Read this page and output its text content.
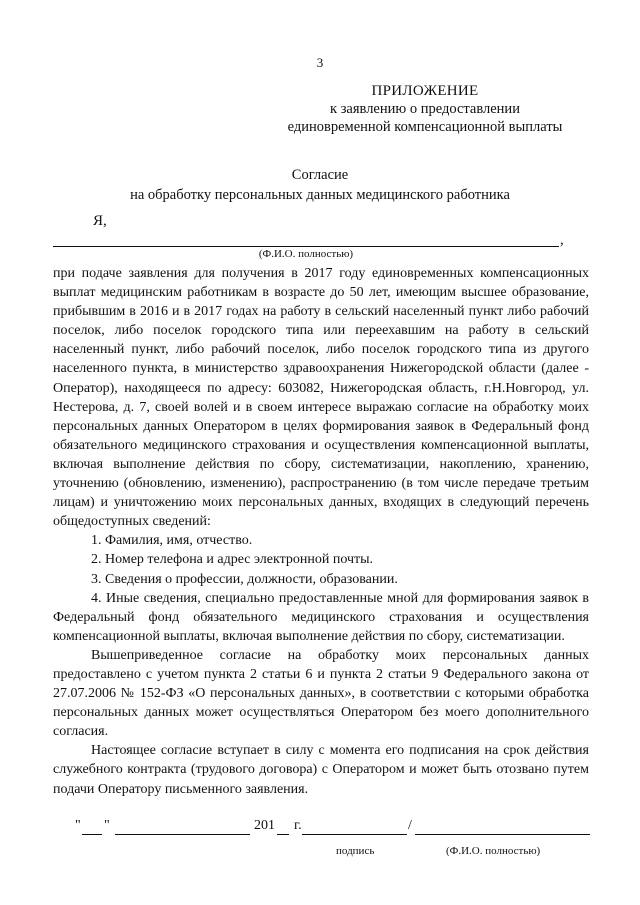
3
ПРИЛОЖЕНИЕ
к заявлению о предоставлении
единовременной компенсационной выплаты
Согласие
на обработку персональных данных медицинского работника
Я,
,
(Ф.И.О. полностью)

при подаче заявления для получения в 2017 году единовременных компенсационных выплат медицинским работникам в возрасте до 50 лет, имеющим высшее образование, прибывшим в 2016 и в 2017 годах на работу в сельский населенный пункт либо рабочий поселок, либо поселок городского типа или переехавшим на работу в сельский населенный пункт, либо рабочий поселок, либо поселок городского типа из другого населенного пункта, в министерство здравоохранения Нижегородской области (далее - Оператор), находящееся по адресу: 603082, Нижегородская область, г.Н.Новгород, ул. Нестерова, д. 7, своей волей и в своем интересе выражаю согласие на обработку моих персональных данных Оператором в целях формирования заявок в Федеральный фонд обязательного медицинского страхования и осуществления компенсационной выплаты, включая выполнение действия по сбору, систематизации, накоплению, хранению, уточнению (обновлению, изменению), распространению (в том числе передаче третьим лицам) и уничтожению моих персональных данных, входящих в следующий перечень общедоступных сведений:

1. Фамилия, имя, отчество.

2. Номер телефона и адрес электронной почты.

3. Сведения о профессии, должности, образовании.

4. Иные сведения, специально предоставленные мной для формирования заявок в Федеральный фонд обязательного медицинского страхования и осуществления компенсационной выплаты, включая выполнение действия по сбору, систематизации.

Вышеприведенное согласие на обработку моих персональных данных предоставлено с учетом пункта 2 статьи 6 и пункта 2 статьи 9 Федерального закона от 27.07.2006 № 152-ФЗ «О персональных данных», в соответствии с которыми обработка персональных данных может осуществляться Оператором без моего дополнительного согласия.

Настоящее согласие вступает в силу с момента его подписания на срок действия служебного контракта (трудового договора) с Оператором и может быть отозвано путем подачи Оператору письменного заявления.

" "	201 г.	/
подпись	(Ф.И.О. полностью)
